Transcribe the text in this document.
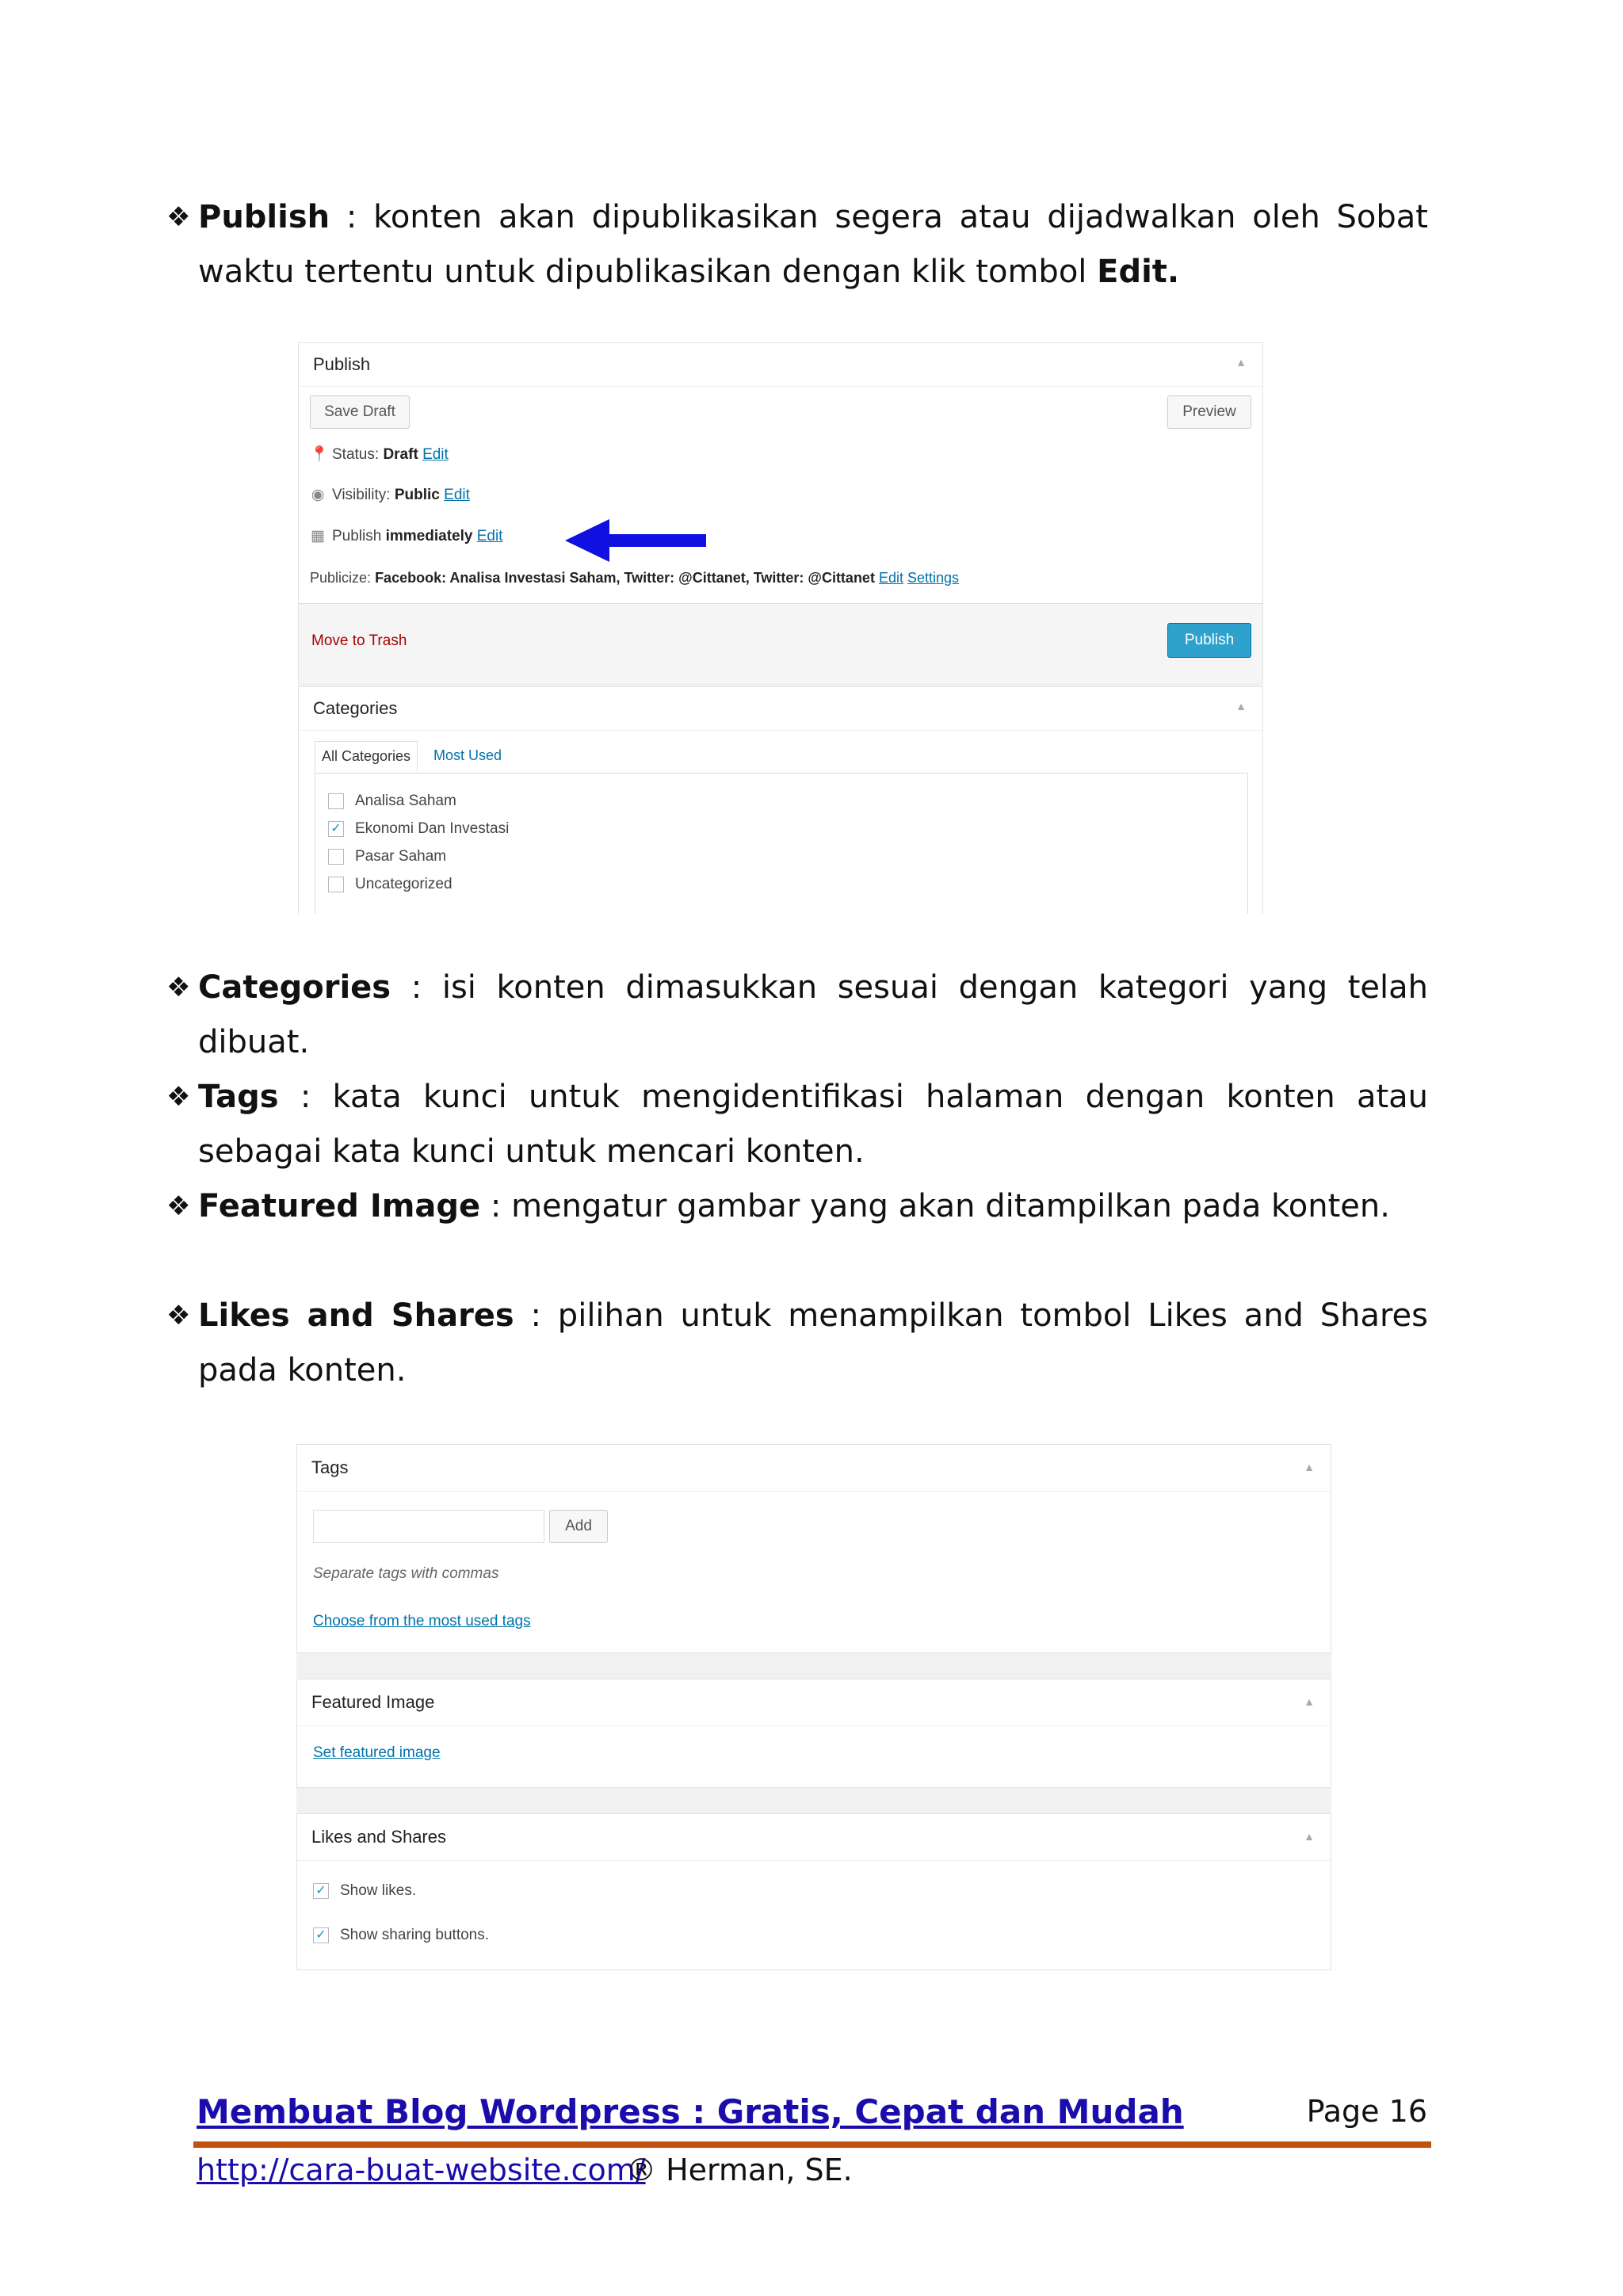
❖ Publish : konten akan dipublikasikan segera atau dijadwalkan oleh Sobat waktu tertentu untuk dipublikasikan dengan klik tombol Edit.
Publish	▲
Save Draft	Preview
📍 Status: Draft Edit
◉ Visibility: Public Edit
▦ Publish immediately Edit
Publicize: Facebook: Analisa Investasi Saham, Twitter: @Cittanet, Twitter: @Cittanet Edit Settings
Move to Trash	Publish
Categories	▲
All Categories	Most Used
Analisa Saham
✓ Ekonomi Dan Investasi
Pasar Saham
Uncategorized
❖ Categories : isi konten dimasukkan sesuai dengan kategori yang telah dibuat.
❖ Tags : kata kunci untuk mengidentifikasi halaman dengan konten atau sebagai kata kunci untuk mencari konten.
❖ Featured Image : mengatur gambar yang akan ditampilkan pada konten.
❖ Likes and Shares : pilihan untuk menampilkan tombol Likes and Shares pada konten.
Tags	▲
Add
Separate tags with commas
Choose from the most used tags
Featured Image	▲
Set featured image
Likes and Shares	▲
✓ Show likes.
✓ Show sharing buttons.
Membuat Blog Wordpress : Gratis, Cepat dan Mudah	Page 16
http://cara-buat-website.com/
® Herman, SE.
